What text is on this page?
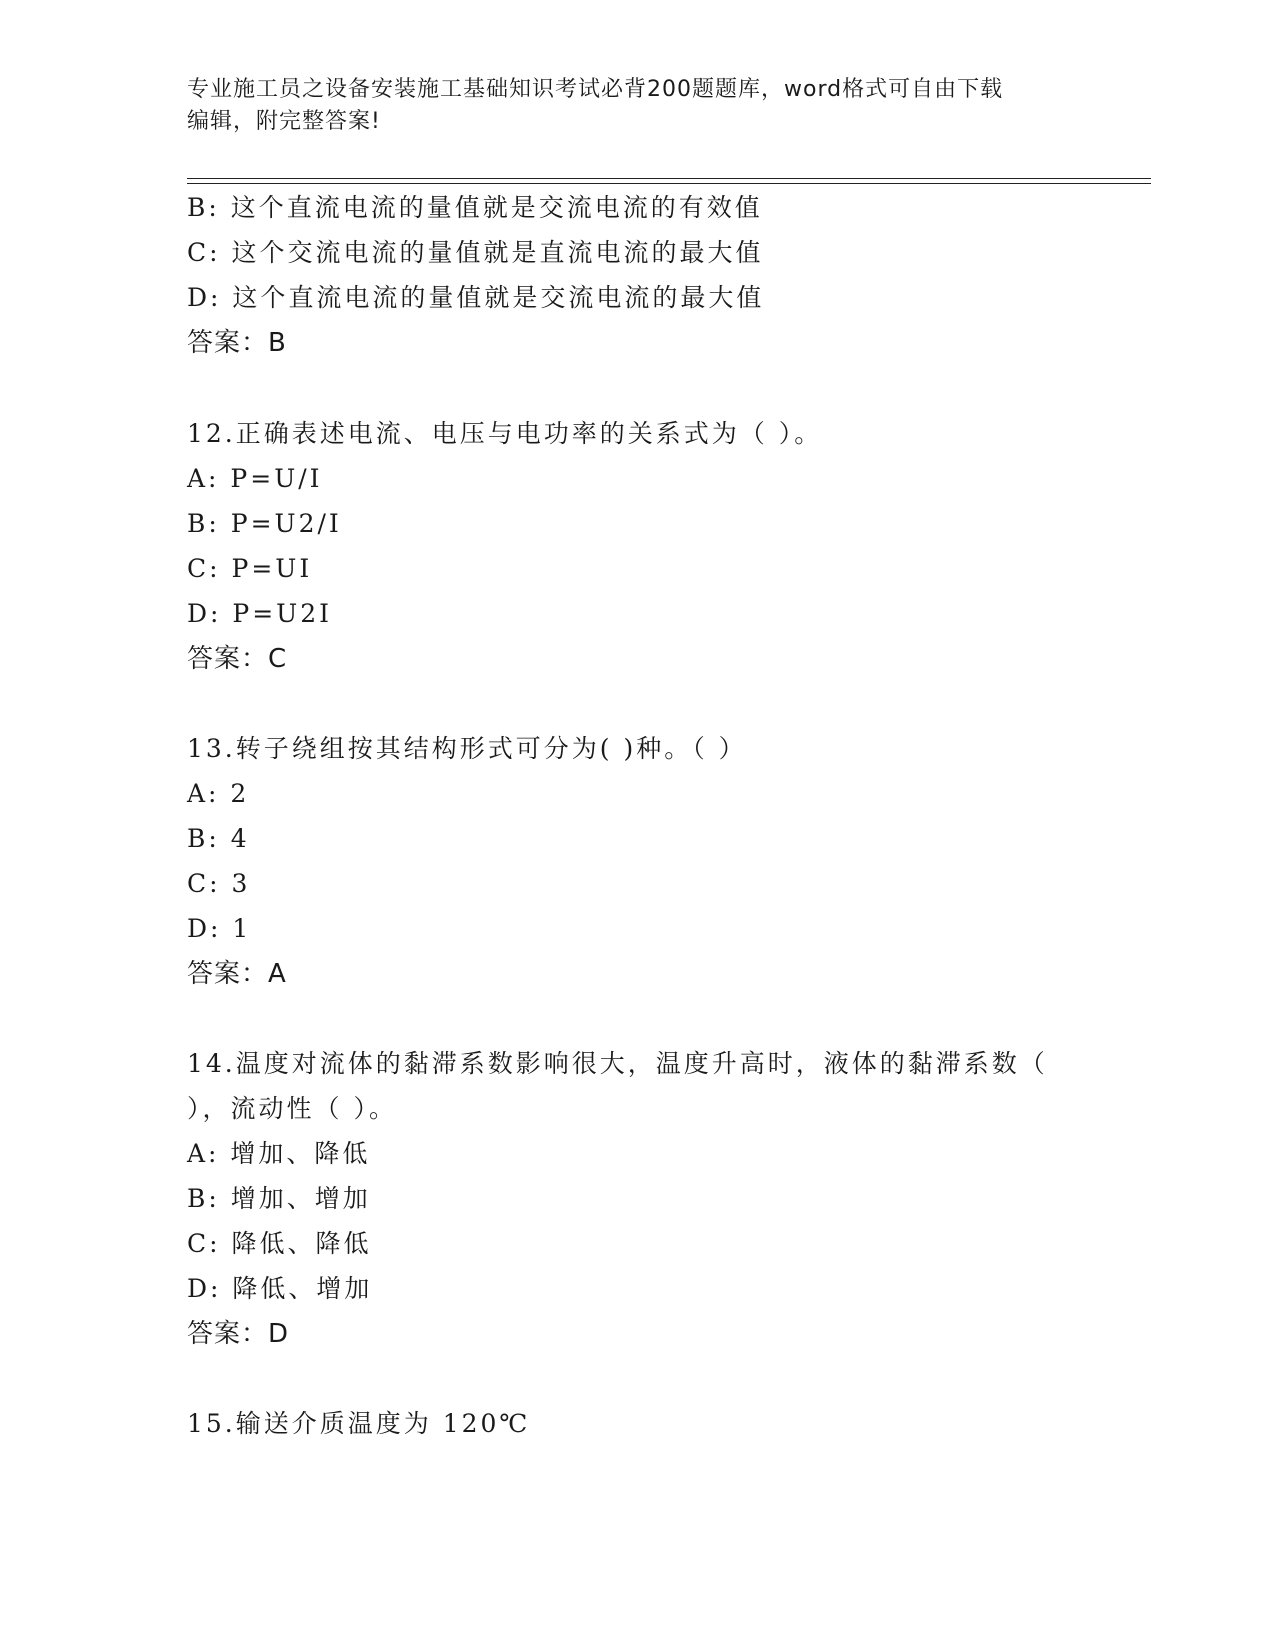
专业施工员之设备安装施工基础知识考试必背200题题库，word格式可自由下载

编辑，附完整答案!

B: 这个直流电流的量值就是交流电流的有效值
C: 这个交流电流的量值就是直流电流的最大值
D: 这个直流电流的量值就是交流电流的最大值
答案：B
12.正确表述电流、电压与电功率的关系式为（ ）。
A: P=U/I
B: P=U2/I
C: P=UI
D: P=U2I
答案：C
13.转子绕组按其结构形式可分为( )种。（ ）
A: 2
B: 4
C: 3
D: 1
答案：A
14.温度对流体的黏滞系数影响很大，温度升高时，液体的黏滞系数（
），流动性（ ）。
A: 增加、降低
B: 增加、增加
C: 降低、降低
D: 降低、增加
答案：D
15.输送介质温度为 120℃
